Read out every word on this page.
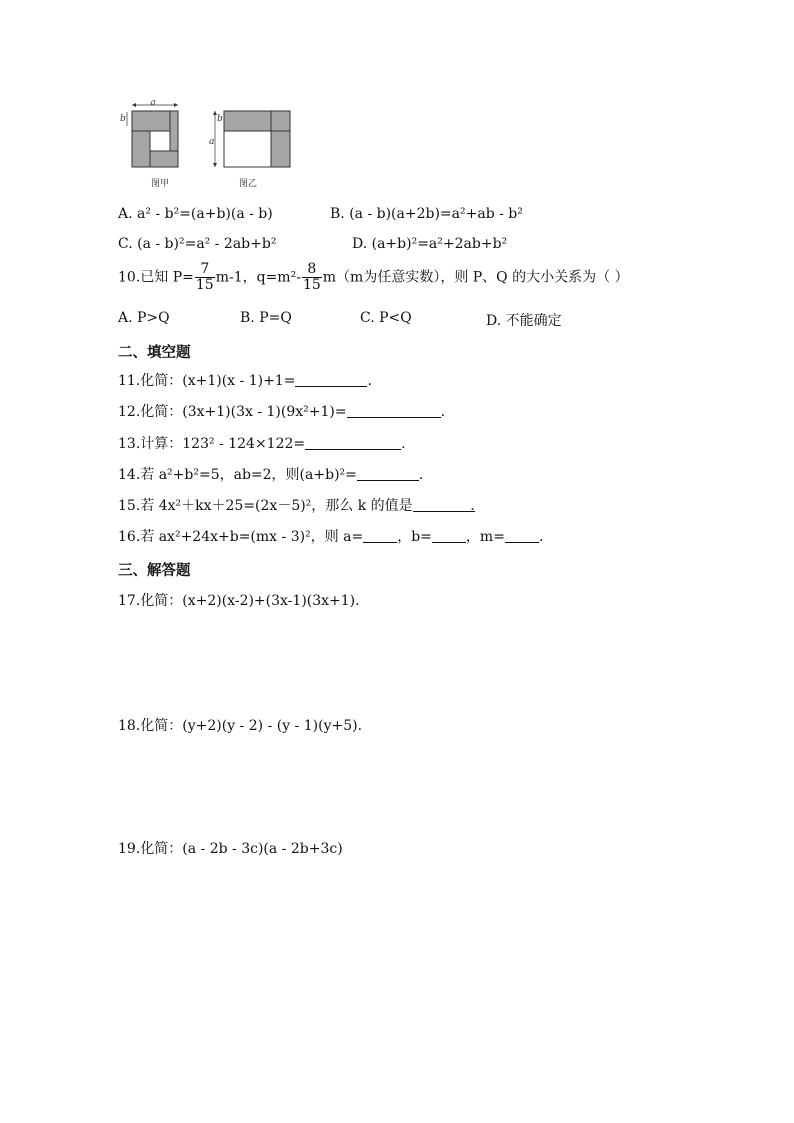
a
b
图甲
a
b
图乙
A. a² - b²=(a+b)(a - b)	B. (a - b)(a+2b)=a²+ab - b²
C. (a - b)²=a² - 2ab+b²	D. (a+b)²=a²+2ab+b²
10.已知 $P= \frac{7}{15} m-1$，$q=m^2- \frac{8}{15} m(m$为任意实数），则 P、Q 的大小关系为（ ）
A. P>Q	B. P=Q	C. P<Q	D. 不能确定
二、填空题
11.化简：(x+1)(x - 1)+1=	.
12.化简：(3x+1)(3x - 1)(9x²+1)=	.
13.计算：123² - 124×122=	.
14.若 a²+b²=5，ab=2，则(a+b)²=	.
15.若 4x²＋kx＋25=(2x－5)²，那么 k 的值是	.
16.若 ax²+24x+b=(mx - 3)²，则 a= ，b= ，m= .
三、解答题
17.化简：(x+2)(x-2)+(3x-1)(3x+1).
18.化简：(y+2)(y - 2) - (y - 1)(y+5).
19.化简：(a - 2b - 3c)(a - 2b+3c)
